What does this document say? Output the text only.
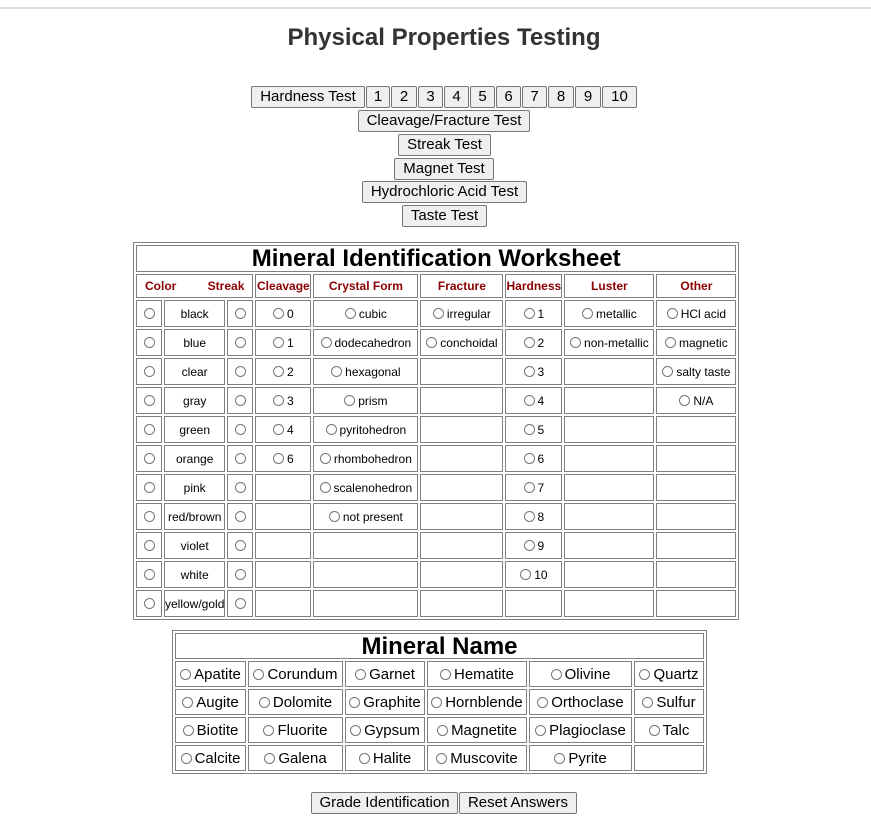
Physical Properties Testing
Hardness Test	1	2	3	4	5	6	7	8	9	10
Cleavage/Fracture Test
Streak Test
Magnet Test
Hydrochloric Acid Test
Taste Test
Mineral Identification Worksheet								

Color Streak			Cleavage	Crystal Form	Fracture	Hardness	Luster	Other
	black		0	cubic	irregular	1	metallic	HCl acid
	blue		1	dodecahedron	conchoidal	2	non-metallic	magnetic
	clear		2	hexagonal		3		salty taste
	gray		3	prism		4		N/A
	green		4	pyritohedron		5		
	orange		6	rhombohedron		6		
	pink			scalenohedron		7		
	red/brown			not present		8		
	violet					9		
	white					10		
	yellow/gold							
Mineral Name					
Apatite	Corundum	Garnet	Hematite	Olivine	Quartz
Augite	Dolomite	Graphite	Hornblende	Orthoclase	Sulfur
Biotite	Fluorite	Gypsum	Magnetite	Plagioclase	Talc
Calcite	Galena	Halite	Muscovite	Pyrite	
Grade Identification	Reset Answers
